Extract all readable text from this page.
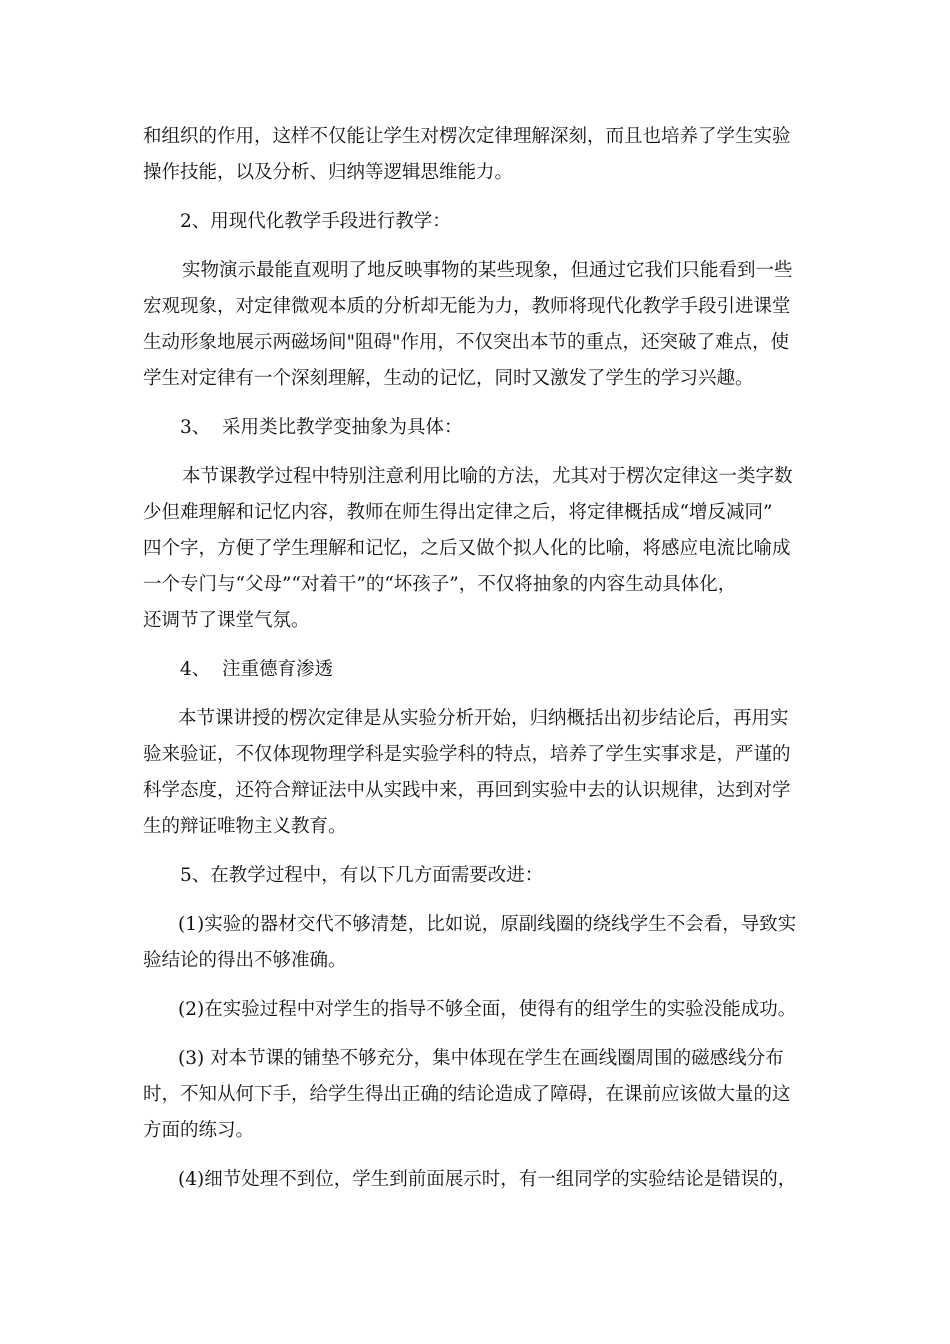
和组织的作用，这样不仅能让学生对楞次定律理解深刻，而且也培养了学生实验
操作技能，以及分析、归纳等逻辑思维能力。
2、用现代化教学手段进行教学：
实物演示最能直观明了地反映事物的某些现象，但通过它我们只能看到一些
宏观现象，对定律微观本质的分析却无能为力，教师将现代化教学手段引进课堂
生动形象地展示两磁场间"阻碍"作用，不仅突出本节的重点，还突破了难点，使
学生对定律有一个深刻理解，生动的记忆，同时又激发了学生的学习兴趣。
3、  采用类比教学变抽象为具体：
本节课教学过程中特别注意利用比喻的方法，尤其对于楞次定律这一类字数
少但难理解和记忆内容，教师在师生得出定律之后，将定律概括成“增反减同”
四个字，方便了学生理解和记忆，之后又做个拟人化的比喻，将感应电流比喻成
一个专门与“父母”“对着干”的“坏孩子”，不仅将抽象的内容生动具体化，
还调节了课堂气氛。
4、  注重德育渗透
本节课讲授的楞次定律是从实验分析开始，归纳概括出初步结论后，再用实
验来验证，不仅体现物理学科是实验学科的特点，培养了学生实事求是，严谨的
科学态度，还符合辩证法中从实践中来，再回到实验中去的认识规律，达到对学
生的辩证唯物主义教育。
5、在教学过程中，有以下几方面需要改进：
(1)实验的器材交代不够清楚，比如说，原副线圈的绕线学生不会看，导致实
验结论的得出不够准确。
(2)在实验过程中对学生的指导不够全面，使得有的组学生的实验没能成功。
(3) 对本节课的铺垫不够充分，集中体现在学生在画线圈周围的磁感线分布
时，不知从何下手，给学生得出正确的结论造成了障碍，在课前应该做大量的这
方面的练习。
(4)细节处理不到位，学生到前面展示时，有一组同学的实验结论是错误的，
